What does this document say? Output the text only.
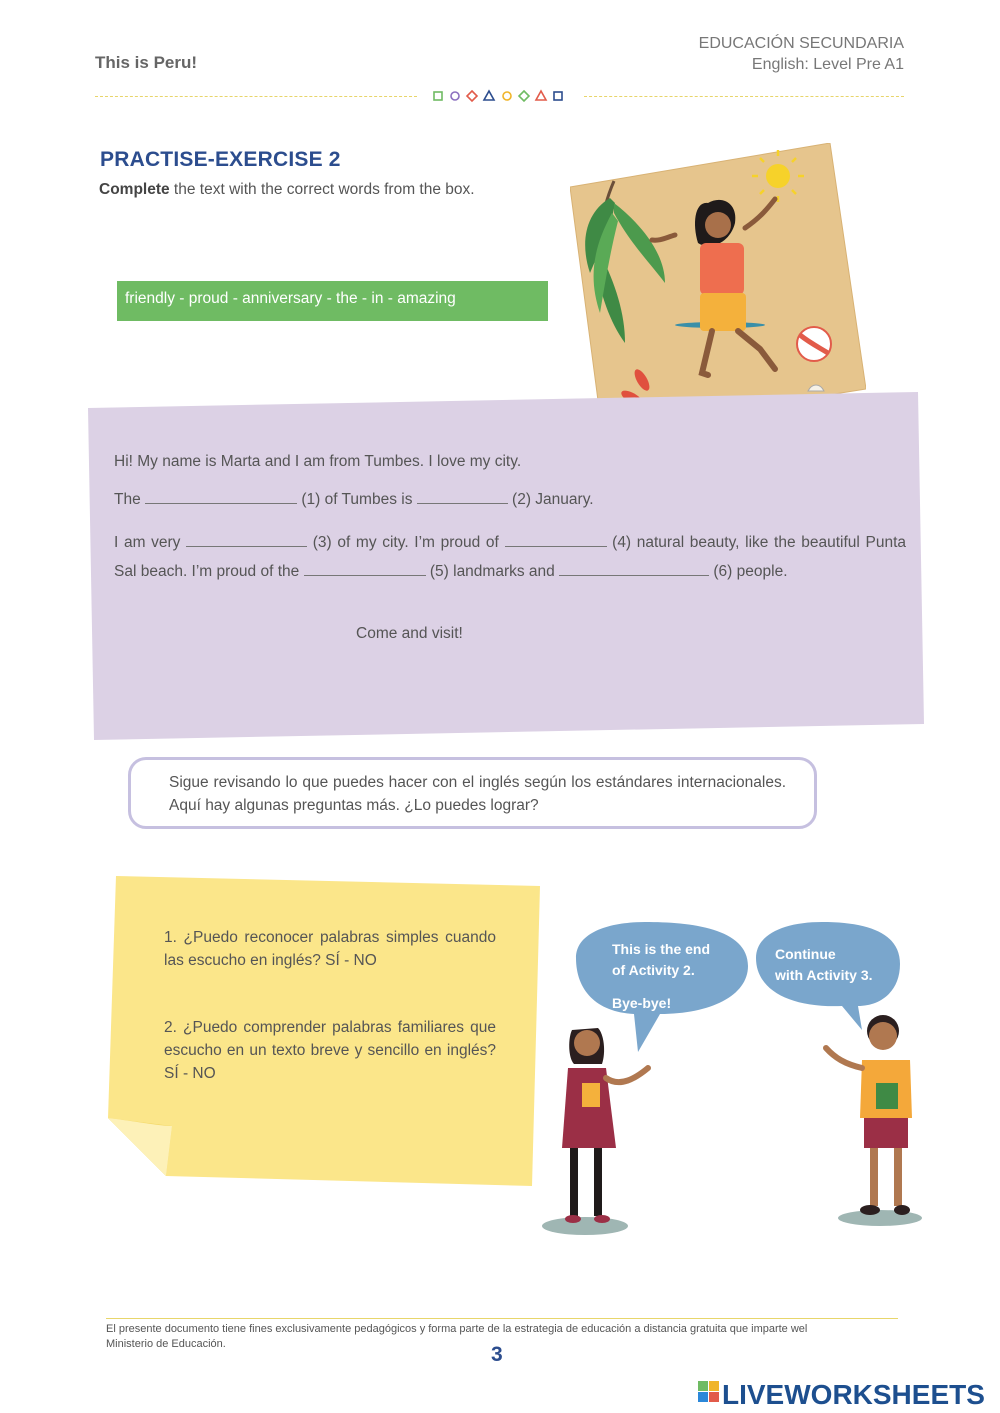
This is Peru!
EDUCACIÓN SECUNDARIA
English: Level Pre A1
PRACTISE-EXERCISE 2
Complete the text with the correct words from the box.
friendly - proud - anniversary - the - in - amazing
Hi! My name is Marta and I am from Tumbes. I love my city.
The	(1) of Tumbes is	(2) January.
I am very	(3) of my city. I’m proud of	(4) natural beauty, like the beautiful Punta Sal beach. I’m proud of the	(5) landmarks and	(6) people.
Come and visit!
Sigue revisando lo que puedes hacer con el inglés según los estándares internacionales. Aquí hay algunas preguntas más. ¿Lo puedes lograr?
1. ¿Puedo reconocer palabras simples cuando las escucho en inglés? SÍ - NO
2. ¿Puedo comprender palabras familiares que escucho en un texto breve y sencillo en inglés? SÍ - NO
This is the end
of Activity 2.
Bye-bye!
Continue
with Activity 3.
El presente documento tiene fines exclusivamente pedagógicos y forma parte de la estrategia de educación a distancia gratuita que imparte wel Ministerio de Educación.	3
LIVEWORKSHEETS
